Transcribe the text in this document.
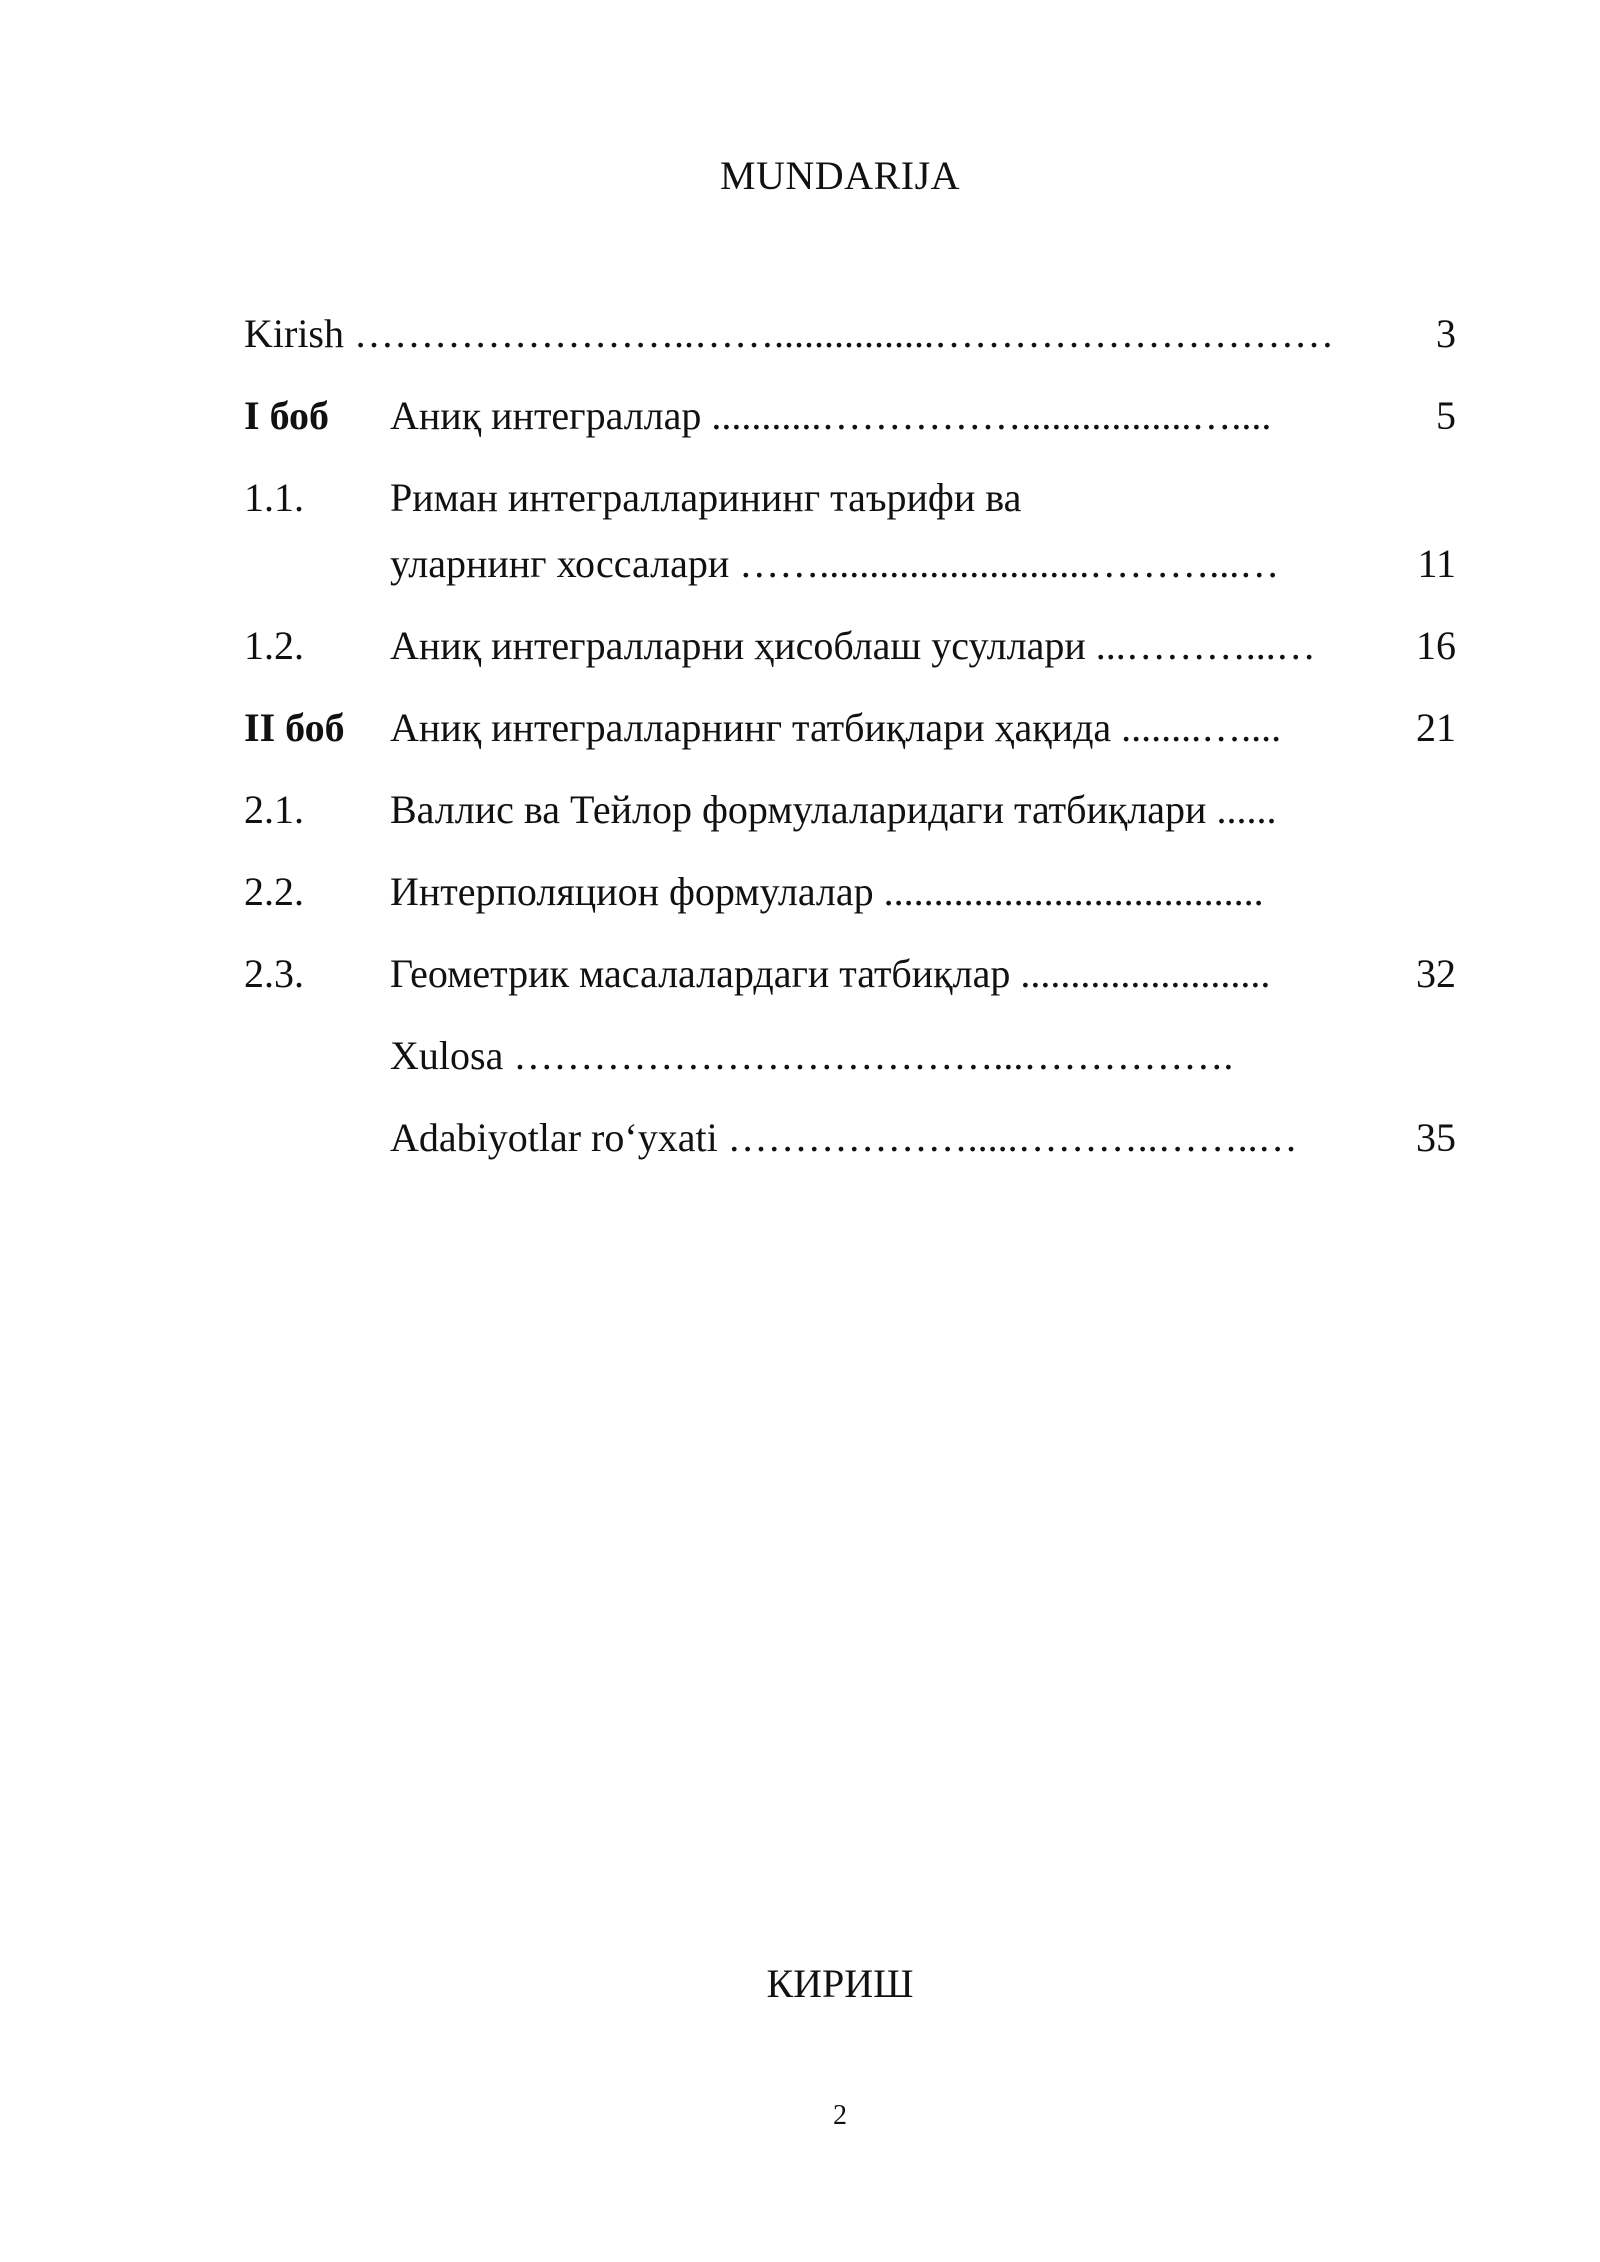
MUNDARIJA
Kirish ……………………..……................…………………………	3
I боб Аниқ интеграллар ...........…………….................…....	5
1.1. Риман интегралларининг таърифи ва
уларнинг хоссалари ……...........................………...…	11
1.2. Аниқ интегралларни ҳисоблаш усуллари ...………...…	16
II боб Аниқ интегралларнинг татбиқлари ҳақида ........…....	21
2.1. Валлис ва Тейлор формулаларидаги татбиқлари ......
2.2. Интерполяцион формулалар ......................................
2.3. Геометрик масалалардаги татбиқлар .........................	32
Xulosa ………………………………...…………….
Adabiyotlar ro‘yxati ……………….....………..……..…	35
КИРИШ
2
